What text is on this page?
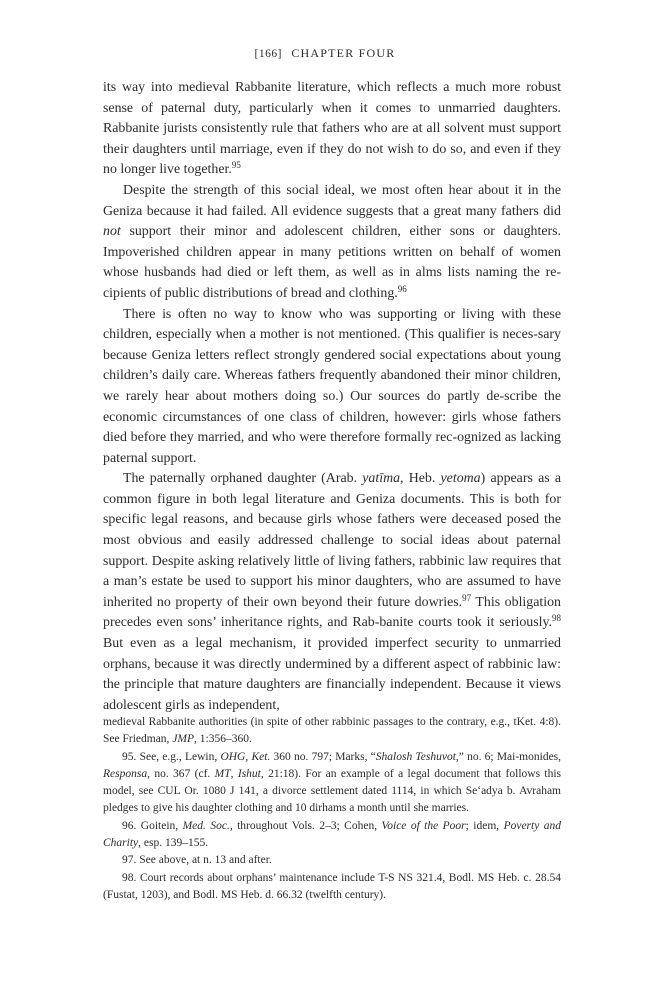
[166] CHAPTER FOUR

its way into medieval Rabbanite literature, which reflects a much more robust sense of paternal duty, particularly when it comes to unmarried daughters. Rabbanite jurists consistently rule that fathers who are at all solvent must support their daughters until marriage, even if they do not wish to do so, and even if they no longer live together.$^{95}$

Despite the strength of this social ideal, we most often hear about it in the Geniza because it had failed. All evidence suggests that a great many fathers did not support their minor and adolescent children, either sons or daughters. Impoverished children appear in many petitions written on behalf of women whose husbands had died or left them, as well as in alms lists naming the re-cipients of public distributions of bread and clothing.$^{96}$

There is often no way to know who was supporting or living with these children, especially when a mother is not mentioned. (This qualifier is neces-sary because Geniza letters reflect strongly gendered social expectations about young children’s daily care. Whereas fathers frequently abandoned their minor children, we rarely hear about mothers doing so.) Our sources do partly de-scribe the economic circumstances of one class of children, however: girls whose fathers died before they married, and who were therefore formally rec-ognized as lacking paternal support.

The paternally orphaned daughter (Arab. yatīma, Heb. yetoma) appears as a common figure in both legal literature and Geniza documents. This is both for specific legal reasons, and because girls whose fathers were deceased posed the most obvious and easily addressed challenge to social ideas about paternal support. Despite asking relatively little of living fathers, rabbinic law requires that a man’s estate be used to support his minor daughters, who are assumed to have inherited no property of their own beyond their future dowries.$^{97}$ This obligation precedes even sons’ inheritance rights, and Rab-banite courts took it seriously.$^{98}$ But even as a legal mechanism, it provided imperfect security to unmarried orphans, because it was directly undermined by a different aspect of rabbinic law: the principle that mature daughters are financially independent. Because it views adolescent girls as independent,

medieval Rabbanite authorities (in spite of other rabbinic passages to the contrary, e.g., tKet. 4:8). See Friedman, JMP, 1:356–360.

95. See, e.g., Lewin, OHG, Ket. 360 no. 797; Marks, “Shalosh Teshuvot,” no. 6; Mai-monides, Responsa, no. 367 (cf. MT, Ishut, 21:18). For an example of a legal document that follows this model, see CUL Or. 1080 J 141, a divorce settlement dated 1114, in which Se‘adya b. Avraham pledges to give his daughter clothing and 10 dirhams a month until she marries.

96. Goitein, Med. Soc., throughout Vols. 2–3; Cohen, Voice of the Poor; idem, Poverty and Charity, esp. 139–155.

97. See above, at n. 13 and after.

98. Court records about orphans’ maintenance include T-S NS 321.4, Bodl. MS Heb. c. 28.54 (Fustat, 1203), and Bodl. MS Heb. d. 66.32 (twelfth century).
